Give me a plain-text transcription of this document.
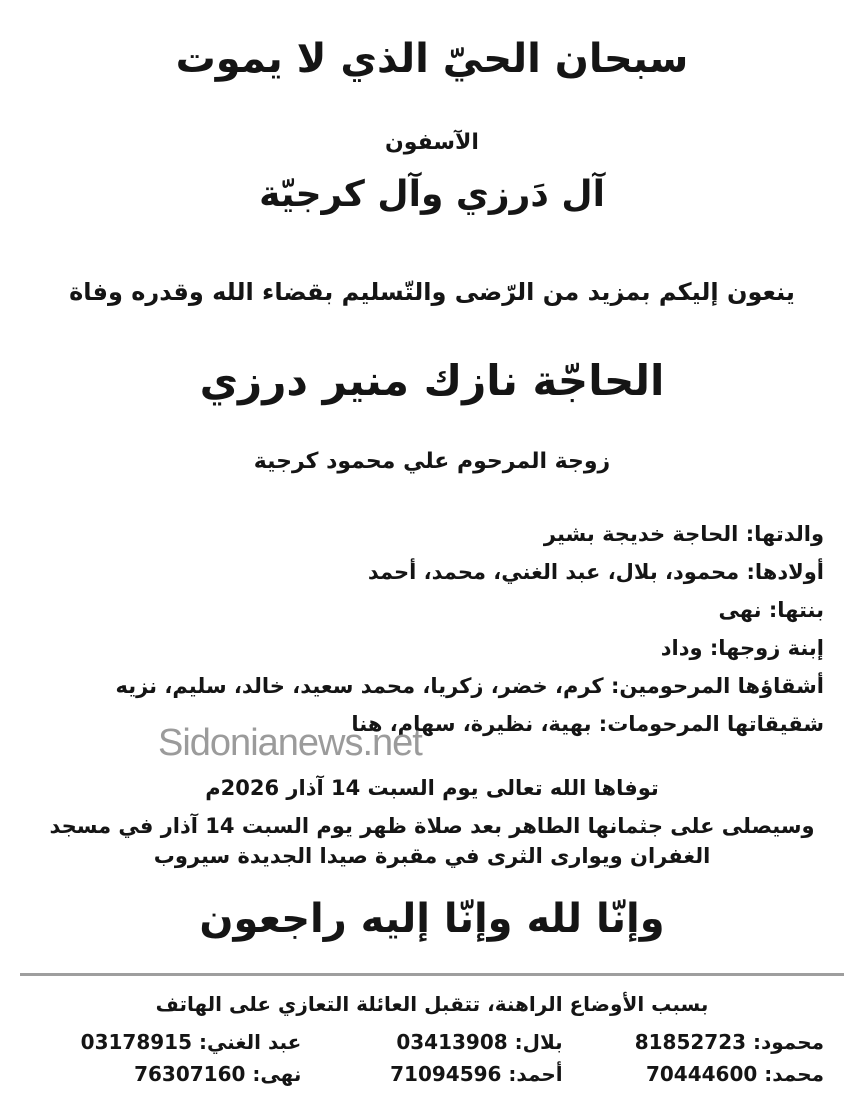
سبحان الحيّ الذي لا يموت
الآسفون
آل دَرزي وآل كرجيّة
ينعون إليكم بمزيد من الرّضى والتّسليم بقضاء الله وقدره وفاة
الحاجّة نازك منير درزي
زوجة المرحوم علي محمود كرجية
والدتها: الحاجة خديجة بشير
أولادها: محمود، بلال، عبد الغني، محمد، أحمد
بنتها: نهى
إبنة زوجها: وداد
أشقاؤها المرحومين: كرم، خضر، زكريا، محمد سعيد، خالد، سليم، نزيه
شقيقاتها المرحومات: بهية، نظيرة، سهام، هنا
توفاها الله تعالى يوم السبت 14 آذار 2026م
وسيصلى على جثمانها الطاهر بعد صلاة ظهر يوم السبت 14 آذار في مسجد الغفران ويوارى الثرى في مقبرة صيدا الجديدة سيروب
وإنّا لله وإنّا إليه راجعون
بسبب الأوضاع الراهنة، تتقبل العائلة التعازي على الهاتف
محمود: 81852723
بلال: 03413908
عبد الغني: 03178915
محمد: 70444600
أحمد: 71094596
نهى: 76307160
Sidonianews.net
